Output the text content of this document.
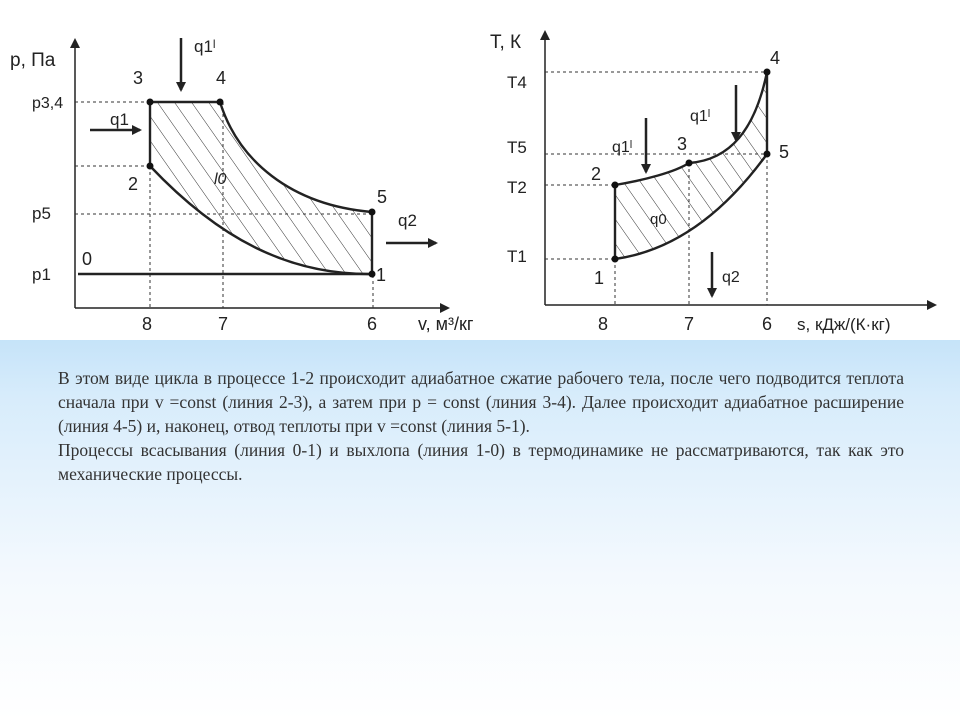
p, Па
p3,4
p5
p1
8	7	6 v, м³/кг
3	4
2
5
0
1
q1
q1ˡ
q2
l0
T, К
T4
T5
T2
T1
8	7	6 s, кДж/(К·кг)
4
5
3
2
1
q1ˡ
q1ˡ
q2
q0

В этом виде цикла в процессе 1-2 происходит адиабатное сжатие рабочего тела, после чего подводится теплота сначала при v =const (линия 2-3), а затем при p = const (линия 3-4). Далее происходит адиабатное расширение (линия 4-5) и, наконец, отвод теплоты при v =const (линия 5-1).

Процессы всасывания (линия 0-1) и выхлопа (линия 1-0) в термодинамике не рассматриваются, так как это механические процессы.
